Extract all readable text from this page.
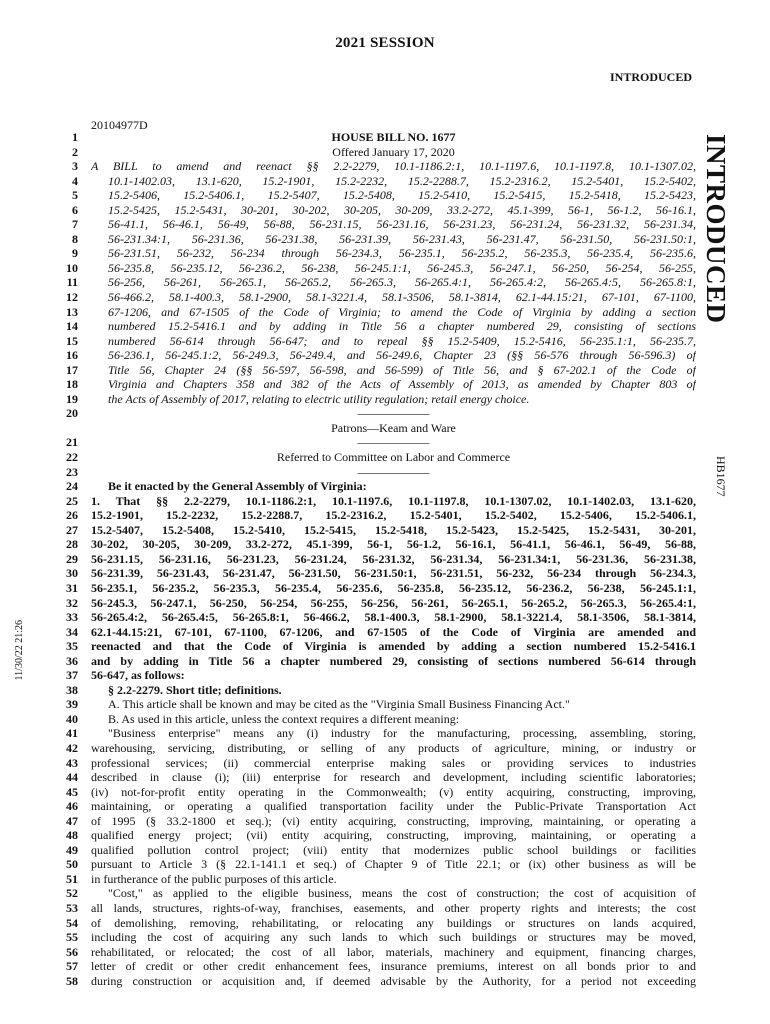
2021 SESSION
INTRODUCED
20104977D
INTRODUCED
HB1677
11/30/22 21:26
1	HOUSE BILL NO. 1677
2	Offered January 17, 2020
3 A BILL to amend and reenact §§ 2.2-2279, 10.1-1186.2:1, 10.1-1197.6, 10.1-1197.8, 10.1-1307.02,
4	10.1-1402.03, 13.1-620, 15.2-1901, 15.2-2232, 15.2-2288.7, 15.2-2316.2, 15.2-5401, 15.2-5402,
5	15.2-5406, 15.2-5406.1, 15.2-5407, 15.2-5408, 15.2-5410, 15.2-5415, 15.2-5418, 15.2-5423,
6	15.2-5425, 15.2-5431, 30-201, 30-202, 30-205, 30-209, 33.2-272, 45.1-399, 56-1, 56-1.2, 56-16.1,
7	56-41.1, 56-46.1, 56-49, 56-88, 56-231.15, 56-231.16, 56-231.23, 56-231.24, 56-231.32, 56-231.34,
8	56-231.34:1, 56-231.36, 56-231.38, 56-231.39, 56-231.43, 56-231.47, 56-231.50, 56-231.50:1,
9	56-231.51, 56-232, 56-234 through 56-234.3, 56-235.1, 56-235.2, 56-235.3, 56-235.4, 56-235.6,
10	56-235.8, 56-235.12, 56-236.2, 56-238, 56-245.1:1, 56-245.3, 56-247.1, 56-250, 56-254, 56-255,
11	56-256, 56-261, 56-265.1, 56-265.2, 56-265.3, 56-265.4:1, 56-265.4:2, 56-265.4:5, 56-265.8:1,
12	56-466.2, 58.1-400.3, 58.1-2900, 58.1-3221.4, 58.1-3506, 58.1-3814, 62.1-44.15:21, 67-101, 67-1100,
13	67-1206, and 67-1505 of the Code of Virginia; to amend the Code of Virginia by adding a section
14	numbered 15.2-5416.1 and by adding in Title 56 a chapter numbered 29, consisting of sections
15	numbered 56-614 through 56-647; and to repeal §§ 15.2-5409, 15.2-5416, 56-235.1:1, 56-235.7,
16	56-236.1, 56-245.1:2, 56-249.3, 56-249.4, and 56-249.6, Chapter 23 (§§ 56-576 through 56-596.3) of
17	Title 56, Chapter 24 (§§ 56-597, 56-598, and 56-599) of Title 56, and § 67-202.1 of the Code of
18	Virginia and Chapters 358 and 382 of the Acts of Assembly of 2013, as amended by Chapter 803 of
19	the Acts of Assembly of 2017, relating to electric utility regulation; retail energy choice.
20	——————
Patrons—Keam and Ware
21	——————
22	Referred to Committee on Labor and Commerce
23	——————
24	Be it enacted by the General Assembly of Virginia:
25 1. That §§ 2.2-2279, 10.1-1186.2:1, 10.1-1197.6, 10.1-1197.8, 10.1-1307.02, 10.1-1402.03, 13.1-620,
26 15.2-1901, 15.2-2232, 15.2-2288.7, 15.2-2316.2, 15.2-5401, 15.2-5402, 15.2-5406, 15.2-5406.1,
27 15.2-5407, 15.2-5408, 15.2-5410, 15.2-5415, 15.2-5418, 15.2-5423, 15.2-5425, 15.2-5431, 30-201,
28 30-202, 30-205, 30-209, 33.2-272, 45.1-399, 56-1, 56-1.2, 56-16.1, 56-41.1, 56-46.1, 56-49, 56-88,
29 56-231.15, 56-231.16, 56-231.23, 56-231.24, 56-231.32, 56-231.34, 56-231.34:1, 56-231.36, 56-231.38,
30 56-231.39, 56-231.43, 56-231.47, 56-231.50, 56-231.50:1, 56-231.51, 56-232, 56-234 through 56-234.3,
31 56-235.1, 56-235.2, 56-235.3, 56-235.4, 56-235.6, 56-235.8, 56-235.12, 56-236.2, 56-238, 56-245.1:1,
32 56-245.3, 56-247.1, 56-250, 56-254, 56-255, 56-256, 56-261, 56-265.1, 56-265.2, 56-265.3, 56-265.4:1,
33 56-265.4:2, 56-265.4:5, 56-265.8:1, 56-466.2, 58.1-400.3, 58.1-2900, 58.1-3221.4, 58.1-3506, 58.1-3814,
34 62.1-44.15:21, 67-101, 67-1100, 67-1206, and 67-1505 of the Code of Virginia are amended and
35 reenacted and that the Code of Virginia is amended by adding a section numbered 15.2-5416.1
36 and by adding in Title 56 a chapter numbered 29, consisting of sections numbered 56-614 through
37 56-647, as follows:
38	§ 2.2-2279. Short title; definitions.
39	A. This article shall be known and may be cited as the "Virginia Small Business Financing Act."
40	B. As used in this article, unless the context requires a different meaning:
41	"Business enterprise" means any (i) industry for the manufacturing, processing, assembling, storing,
42 warehousing, servicing, distributing, or selling of any products of agriculture, mining, or industry or
43 professional services; (ii) commercial enterprise making sales or providing services to industries
44 described in clause (i); (iii) enterprise for research and development, including scientific laboratories;
45 (iv) not-for-profit entity operating in the Commonwealth; (v) entity acquiring, constructing, improving,
46 maintaining, or operating a qualified transportation facility under the Public-Private Transportation Act
47 of 1995 (§ 33.2-1800 et seq.); (vi) entity acquiring, constructing, improving, maintaining, or operating a
48 qualified energy project; (vii) entity acquiring, constructing, improving, maintaining, or operating a
49 qualified pollution control project; (viii) entity that modernizes public school buildings or facilities
50 pursuant to Article 3 (§ 22.1-141.1 et seq.) of Chapter 9 of Title 22.1; or (ix) other business as will be
51 in furtherance of the public purposes of this article.
52	"Cost," as applied to the eligible business, means the cost of construction; the cost of acquisition of
53 all lands, structures, rights-of-way, franchises, easements, and other property rights and interests; the cost
54 of demolishing, removing, rehabilitating, or relocating any buildings or structures on lands acquired,
55 including the cost of acquiring any such lands to which such buildings or structures may be moved,
56 rehabilitated, or relocated; the cost of all labor, materials, machinery and equipment, financing charges,
57 letter of credit or other credit enhancement fees, insurance premiums, interest on all bonds prior to and
58 during construction or acquisition and, if deemed advisable by the Authority, for a period not exceeding
